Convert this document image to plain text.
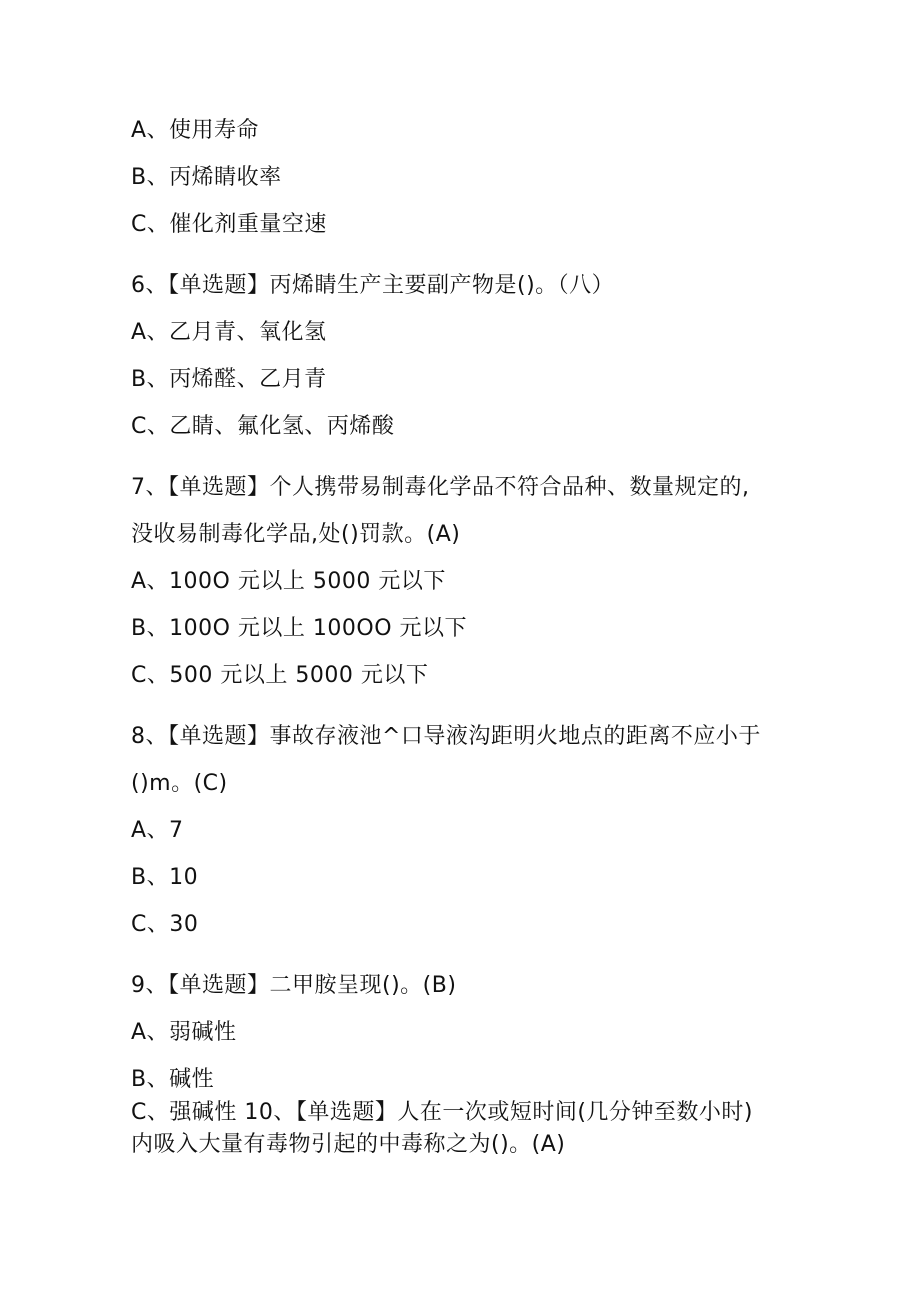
A、使用寿命
B、丙烯睛收率
C、催化剂重量空速
6、【单选题】丙烯睛生产主要副产物是()。（八）
A、乙月青、氧化氢
B、丙烯醛、乙月青
C、乙睛、氟化氢、丙烯酸
7、【单选题】个人携带易制毒化学品不符合品种、数量规定的,
没收易制毒化学品,处()罚款。(A)
A、100O 元以上 5000 元以下
B、100O 元以上 100OO 元以下
C、500 元以上 5000 元以下
8、【单选题】事故存液池^口导液沟距明火地点的距离不应小于
()m。(C)
A、7
B、10
C、30
9、【单选题】二甲胺呈现()。(B)
A、弱碱性
B、碱性
C、强碱性 10、【单选题】人在一次或短时间(几分钟至数小时)
内吸入大量有毒物引起的中毒称之为()。(A)
